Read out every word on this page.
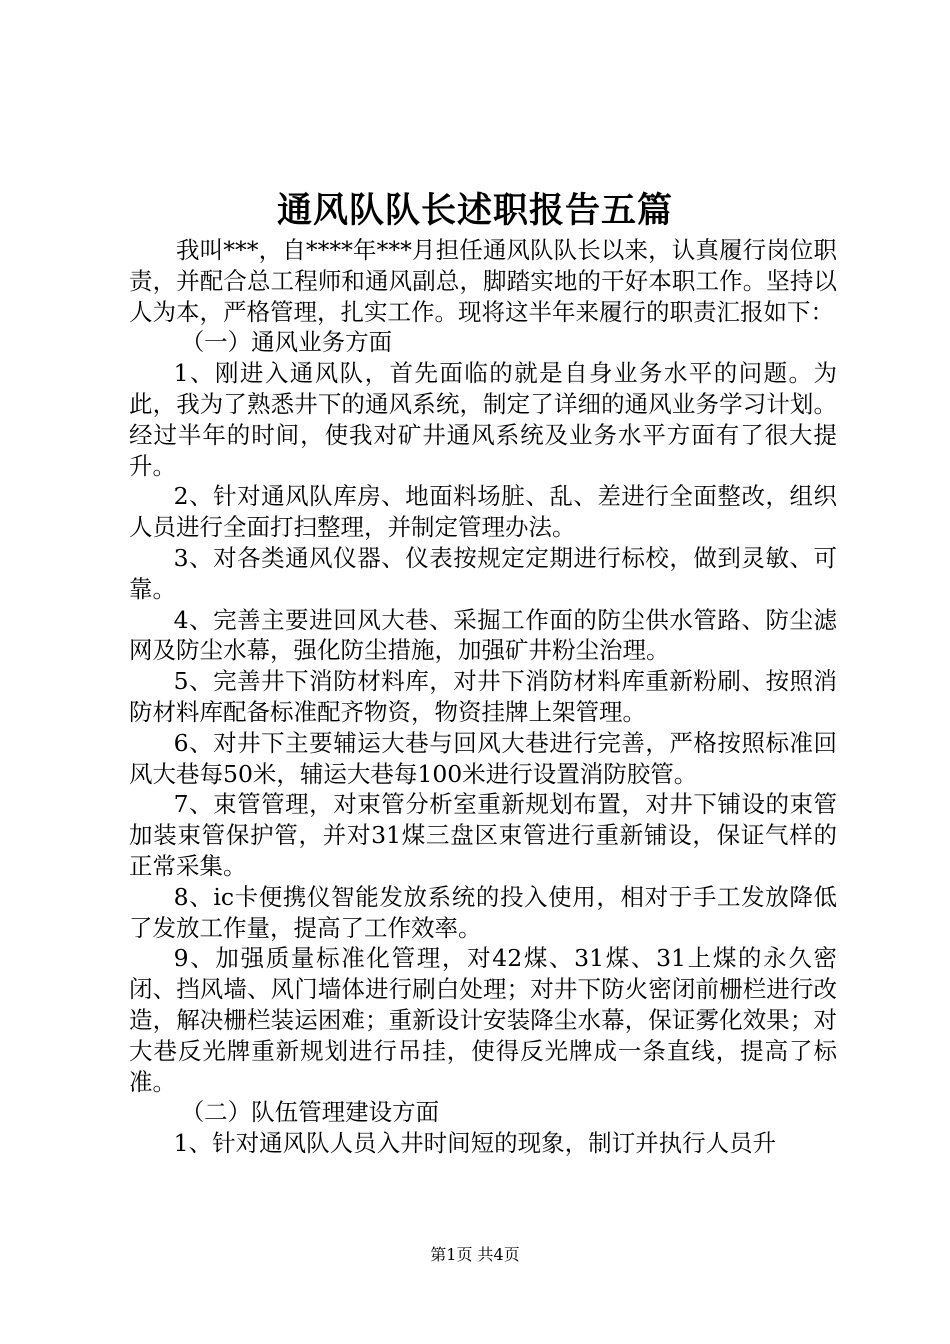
通风队队长述职报告五篇

我叫***，自****年***月担任通风队队长以来，认真履行岗位职责，并配合总工程师和通风副总，脚踏实地的干好本职工作。坚持以人为本，严格管理，扎实工作。现将这半年来履行的职责汇报如下：

（一）通风业务方面

1、刚进入通风队，首先面临的就是自身业务水平的问题。为此，我为了熟悉井下的通风系统，制定了详细的通风业务学习计划。经过半年的时间，使我对矿井通风系统及业务水平方面有了很大提升。

2、针对通风队库房、地面料场脏、乱、差进行全面整改，组织人员进行全面打扫整理，并制定管理办法。

3、对各类通风仪器、仪表按规定定期进行标校，做到灵敏、可靠。

4、完善主要进回风大巷、采掘工作面的防尘供水管路、防尘滤网及防尘水幕，强化防尘措施，加强矿井粉尘治理。

5、完善井下消防材料库，对井下消防材料库重新粉刷、按照消防材料库配备标准配齐物资，物资挂牌上架管理。

6、对井下主要辅运大巷与回风大巷进行完善，严格按照标准回风大巷每50米，辅运大巷每100米进行设置消防胶管。

7、束管管理，对束管分析室重新规划布置，对井下铺设的束管加装束管保护管，并对31煤三盘区束管进行重新铺设，保证气样的正常采集。

8、ic卡便携仪智能发放系统的投入使用，相对于手工发放降低了发放工作量，提高了工作效率。

9、加强质量标准化管理，对42煤、31煤、31上煤的永久密闭、挡风墙、风门墙体进行刷白处理；对井下防火密闭前栅栏进行改造，解决栅栏装运困难；重新设计安装降尘水幕，保证雾化效果；对大巷反光牌重新规划进行吊挂，使得反光牌成一条直线，提高了标准。

（二）队伍管理建设方面

1、针对通风队人员入井时间短的现象，制订并执行人员升

第1页 共4页
